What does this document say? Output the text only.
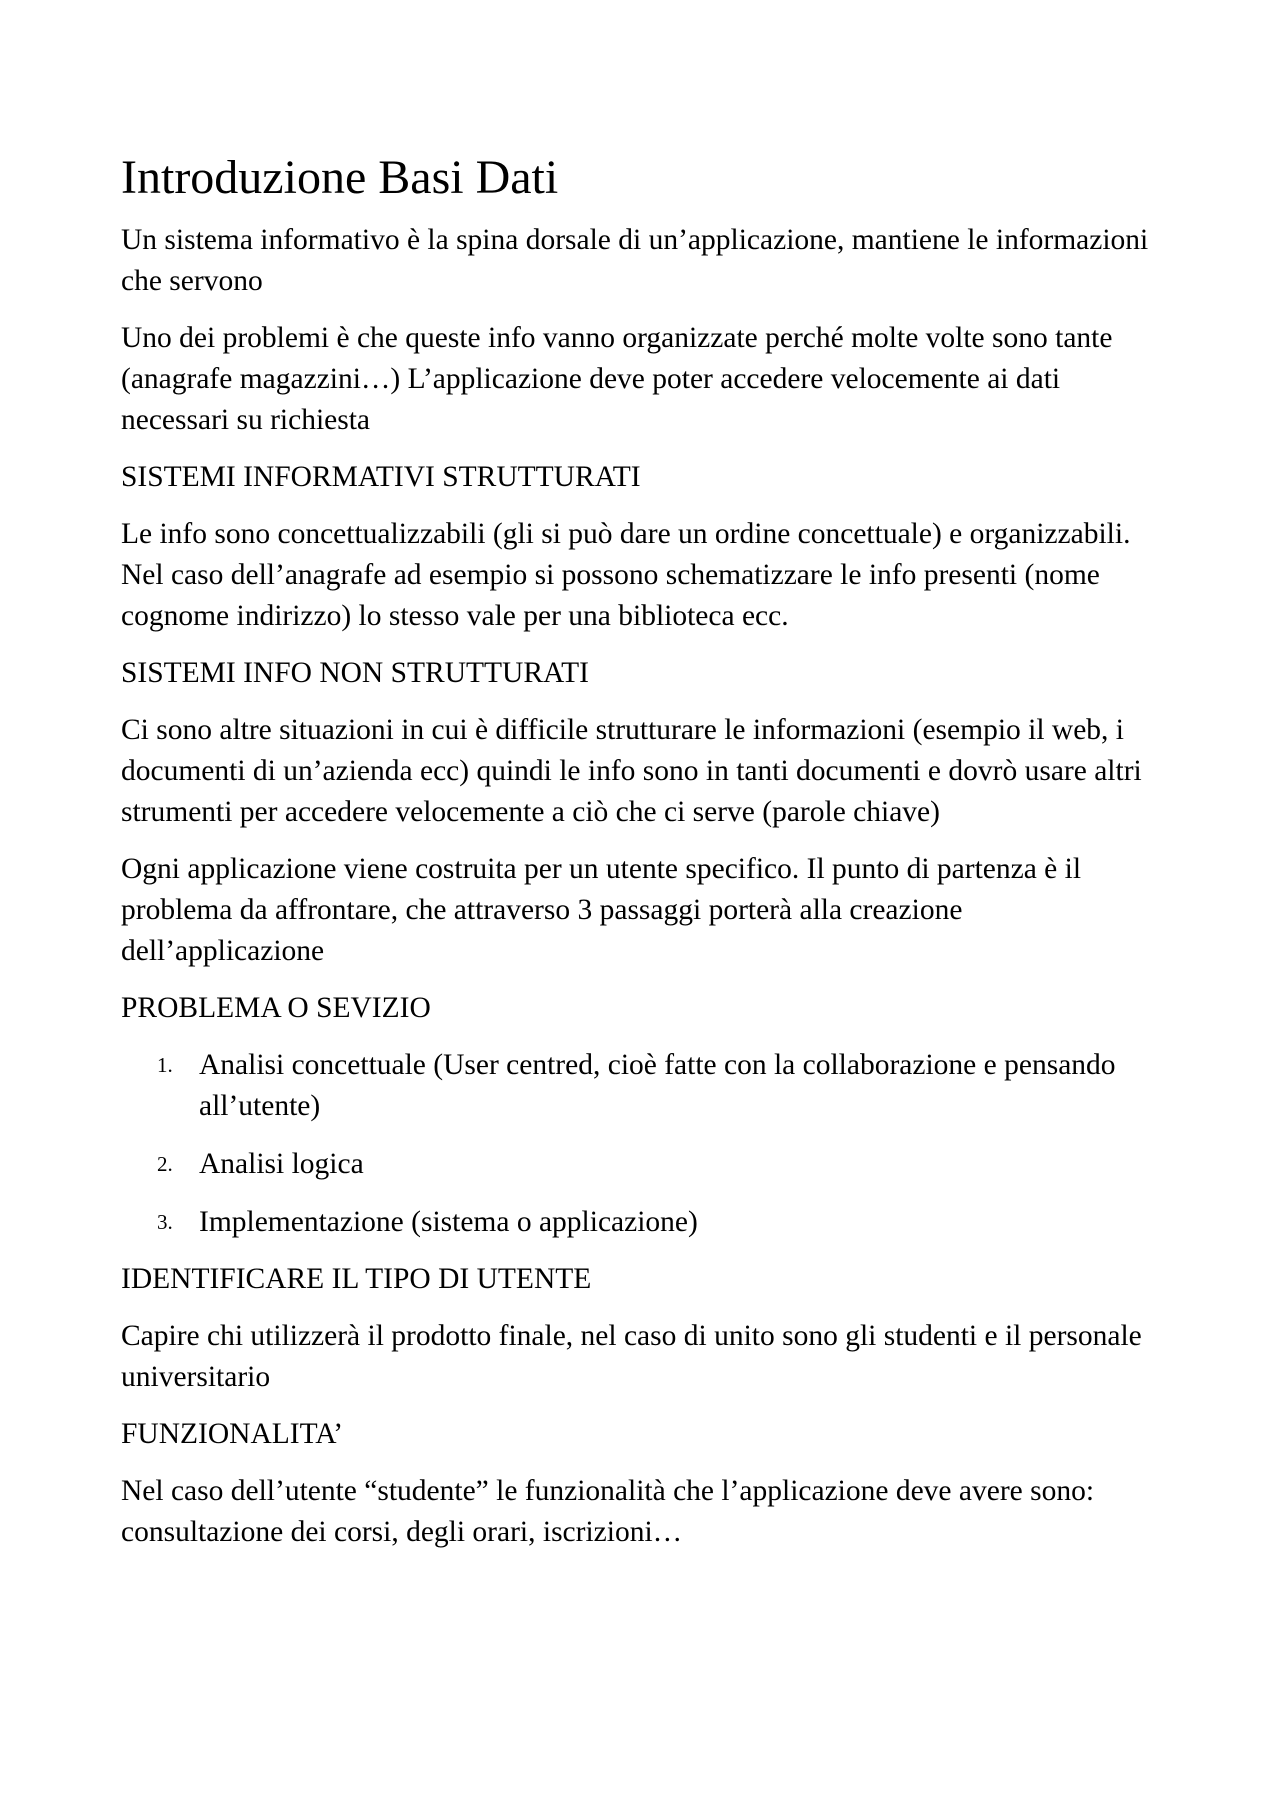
Introduzione Basi Dati

Un sistema informativo è la spina dorsale di un’applicazione, mantiene le informazioni che servono

Uno dei problemi è che queste info vanno organizzate perché molte volte sono tante (anagrafe magazzini…) L’applicazione deve poter accedere velocemente ai dati necessari su richiesta

SISTEMI INFORMATIVI STRUTTURATI

Le info sono concettualizzabili (gli si può dare un ordine concettuale) e organizzabili. Nel caso dell’anagrafe ad esempio si possono schematizzare le info presenti (nome cognome indirizzo) lo stesso vale per una biblioteca ecc.

SISTEMI INFO NON STRUTTURATI

Ci sono altre situazioni in cui è difficile strutturare le informazioni (esempio il web, i documenti di un’azienda ecc) quindi le info sono in tanti documenti e dovrò usare altri strumenti per accedere velocemente a ciò che ci serve (parole chiave)

Ogni applicazione viene costruita per un utente specifico. Il punto di partenza è il problema da affrontare, che attraverso 3 passaggi porterà alla creazione dell’applicazione

PROBLEMA O SEVIZIO
1. Analisi concettuale (User centred, cioè fatte con la collaborazione e pensando all’utente)
2. Analisi logica
3. Implementazione (sistema o applicazione)
IDENTIFICARE IL TIPO DI UTENTE

Capire chi utilizzerà il prodotto finale, nel caso di unito sono gli studenti e il personale universitario

FUNZIONALITA’

Nel caso dell’utente “studente” le funzionalità che l’applicazione deve avere sono: consultazione dei corsi, degli orari, iscrizioni…
